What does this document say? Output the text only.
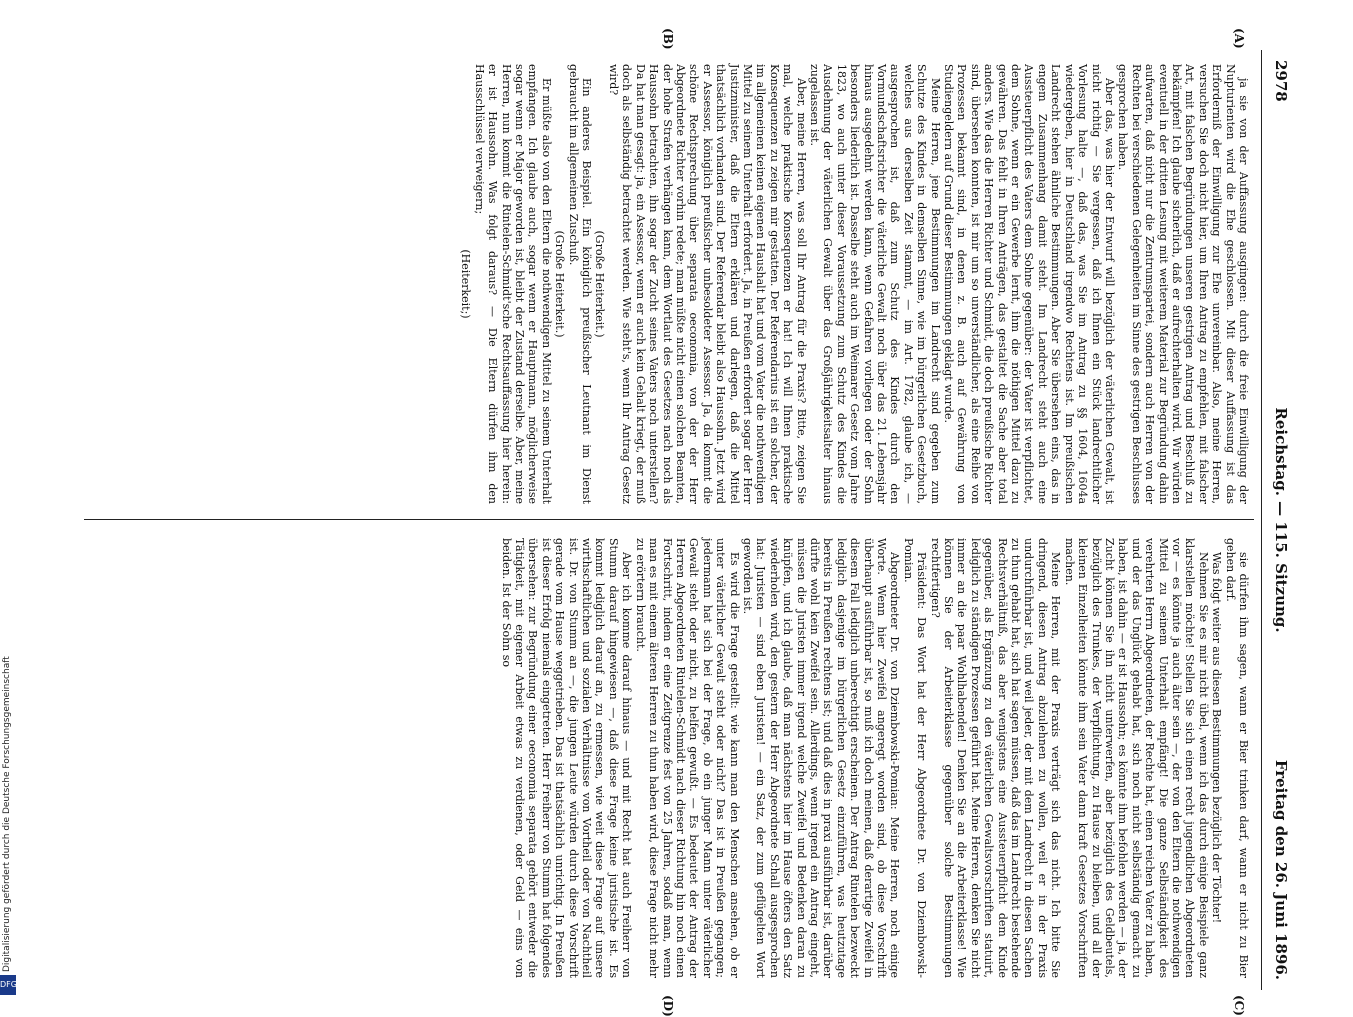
2978
Reichstag. — 115. Sitzung.
Freitag den 26. Juni 1896.
(A)
(B)
(C)
(D)

ja sie von der Auffassung ausgingen: durch die freie Einwilligung der Nupturienten wird die Ehe geschlossen. Mit dieser Auffassung ist das Erforderniß der Einwilligung zur Ehe unvereinbar. Also, meine Herren, versuchen Sie doch nicht hier, um Ihren Antrag zu empfehlen, mit falscher Art, mit falschen Begründungen unseren gestrigen Antrag und Beschluß zu bekämpfen! Ich glaube sicherlich, daß er aufrechterhalten wird. Wir würden eventuell in der dritten Lesung mit weiterem Material zur Begründung dahin aufwarten, daß nicht nur die Zentrumspartei, sondern auch Herren von der Rechten bei verschiedenen Gelegenheiten im Sinne des gestrigen Beschlusses gesprochen haben.

Aber das, was hier der Entwurf will bezüglich der väterlichen Gewalt, ist nicht richtig — Sie vergessen, daß ich Ihnen ein Stück landrechtlicher Vorlesung halte —, daß das, was Sie im Antrag zu §§ 1604, 1604a wiedergeben, hier in Deutschland irgendwo Rechtens ist. Im preußischen Landrecht stehen ähnliche Bestimmungen. Aber Sie übersehen eins, das in engem Zusammenhang damit steht. Im Landrecht steht auch eine Aussteuerpflicht des Vaters dem Sohne gegenüber: der Vater ist verpflichtet, dem Sohne, wenn er ein Gewerbe lernt, ihm die nöthigen Mittel dazu zu gewähren. Das fehlt in Ihren Anträgen, das gestaltet die Sache aber total anders. Wie das die Herren Richter und Schmidt, die doch preußische Richter sind, übersehen konnten, ist mir um so unverständlicher, als eine Reihe von Prozessen bekannt sind, in denen z. B. auch auf Gewährung von Studiengeldern auf Grund dieser Bestimmungen geklagt wurde.

Meine Herren, jene Bestimmungen im Landrecht sind gegeben zum Schutze des Kindes in demselben Sinne, wie im bürgerlichen Gesetzbuch, welches aus derselben Zeit stammt, — im Art. 1782, glaube ich, — ausgesprochen ist, daß zum Schutz des Kindes durch den Vormundschaftsrichter die väterliche Gewalt noch über das 21. Lebensjahr hinaus ausgedehnt werden kann, wenn Gefahren vorliegen oder der Sohn besonders liederlich ist. Dasselbe steht auch im Weimarer Gesetz vom Jahre 1823, wo auch unter dieser Voraussetzung zum Schutz des Kindes die Ausdehnung der väterlichen Gewalt über das Großjährigkeitsalter hinaus zugelassen ist.

Aber, meine Herren, was soll Ihr Antrag für die Praxis? Bitte, zeigen Sie mal, welche praktische Konsequenzen er hat! Ich will Ihnen praktische Konsequenzen zu zeigen mir gestatten. Der Referendarius ist ein solcher, der im allgemeinen keinen eigenen Haushalt hat und vom Vater die nothwendigen Mittel zu seinem Unterhalt erfordert. Ja, in Preußen erfordert sogar der Herr Justizminister, daß die Eltern erklären und darlegen, daß die Mittel thatsächlich vorhanden sind. Der Referendar bleibt also Haussohn. Jetzt wird er Assessor, königlich preußischer unbesoldeter Assessor. Ja, da kommt die schöne Rechtsprechung über separata oeconomia, von der der Herr Abgeordnete Richter vorhin redete; man müßte nicht einen solchen Beamten, der hohe Strafen verhängen kann, dem Wortlaut des Gesetzes nach noch als Haussohn betrachten, ihn sogar der Zucht seines Vaters noch unterstellen? Da hat man gesagt: ja, ein Assessor, wenn er auch kein Gehalt kriegt, der muß doch als selbständig betrachtet werden. Wie steht's, wenn Ihr Antrag Gesetz wird?

(Große Heiterkeit.)

Ein anderes Beispiel. Ein königlich preußischer Leutnant im Dienst gebraucht im allgemeinen Zuschuß.

(Große Heiterkeit.)

Er müßte also von den Eltern die nothwendigen Mittel zu seinem Unterhalt empfangen. Ich glaube auch, sogar wenn er Hauptmann, möglicherweise sogar wenn er Major geworden ist, bleibt der Zustand derselbe. Aber, meine Herren, nun kommt die Rintelen-Schmidt'sche Rechtsauffassung hier herein: er ist Haussohn. Was folgt daraus? — Die Eltern dürfen ihm den Hausschlüssel verweigern;

(Heiterkeit;)

sie dürfen ihm sagen, wann er Bier trinken darf, wann er nicht zu Bier gehen darf.

Was folgt weiter aus diesen Bestimmungen bezüglich der Töchter!

Nehmen Sie es mir nicht übel, wenn ich das durch einige Beispiele ganz klarstellen möchte! Stellen Sie sich einen recht jugendlichen Abgeordneten vor — es könnte ja auch älter sein —, der von den Eltern die nothwendigen Mittel zu seinem Unterhalt empfängt! Die ganze Selbständigkeit des verehrten Herrn Abgeordneten, der Rechte hat, einen reichen Vater zu haben, und der das Unglück gehabt hat, sich noch nicht selbständig gemacht zu haben, ist dahin — er ist Haussohn; es könnte ihm befohlen werden — ja, der Zucht können Sie ihn nicht unterwerfen, aber bezüglich des Geldbeutels, bezüglich des Trunkes, der Verpflichtung, zu Hause zu bleiben, und all der kleinen Einzelheiten könnte ihm sein Vater dann kraft Gesetzes Vorschriften machen.

Meine Herren, mit der Praxis verträgt sich das nicht. Ich bitte Sie dringend, diesen Antrag abzulehnen zu wollen, weil er in der Praxis undurchführbar ist, und weil jeder, der mit dem Landrecht in diesen Sachen zu thun gehabt hat, sich hat sagen müssen, daß das im Landrecht bestehende Rechtsverhältniß, das aber wenigstens eine Aussteuerpflicht dem Kinde gegenüber, als Ergänzung zu den väterlichen Gewaltsvorschriften statuirt, lediglich zu ständigen Prozessen geführt hat. Meine Herren, denken Sie nicht immer an die paar Wohlhabenden! Denken Sie an die Arbeiterklasse! Wie können Sie der Arbeiterklasse gegenüber solche Bestimmungen rechtfertigen?

Präsident: Das Wort hat der Herr Abgeordnete Dr. von Dziembowski-Pomian.

Abgeordneter Dr. von Dziembowski-Pomian: Meine Herren, noch einige Worte. Wenn hier Zweifel angeregt worden sind, ob diese Vorschrift überhaupt ausführbar ist, so muß ich doch meinen, daß derartige Zweifel in diesem Fall lediglich unberechtigt erscheinen. Der Antrag Rintelen bezweckt lediglich dasjenige im bürgerlichen Gesetz einzuführen, was heutzutage bereits in Preußen rechtens ist; und daß dies in praxi ausführbar ist, darüber dürfte wohl kein Zweifel sein. Allerdings, wenn irgend ein Antrag eingeht, müssen die Juristen immer irgend welche Zweifel und Bedenken daran zu knüpfen, und ich glaube, daß man nächstens hier im Hause öfters den Satz wiederholen wird, den gestern der Herr Abgeordnete Schall ausgesprochen hat: Juristen — sind eben Juristen! — ein Satz, der zum geflügelten Wort geworden ist.

Es wird die Frage gestellt: wie kann man den Menschen ansehen, ob er unter väterlicher Gewalt steht oder nicht? Das ist in Preußen gegangen; jedermann hat sich bei der Frage, ob ein junger Mann unter väterlicher Gewalt steht oder nicht, zu helfen gewußt. — Es bedeutet der Antrag der Herren Abgeordneten Rintelen-Schmidt nach dieser Richtung hin noch einen Fortschritt, indem er eine Zeitgrenze fest von 25 Jahren, sodaß man, wenn man es mit einem älteren Herren zu thun haben wird, diese Frage nicht mehr zu erörtern braucht.

Aber ich komme darauf hinaus — und mit Recht hat auch Freiherr von Stumm darauf hingewiesen —, daß diese Frage keine juristische ist. Es kommt lediglich darauf an, zu ermessen, wie weit diese Frage auf unsere wirthschaftlichen und sozialen Verhältnisse von Vortheil oder von Nachtheil ist. Dr. von Stumm an —, die jungen Leute würden durch diese Vorschrift gerade vom Hause weggetrieben. Das ist thatsächlich unrichtig. In Preußen ist dieser Erfolg niemals eingetreten. Herr Freiherr von Stumm hat folgendes übersehen: zur Begründung einer oeconomia separata gehört entweder die Tätigkeit, mit eigener Arbeit etwas zu verdienen, oder Geld — eins von beiden. Ist der Sohn so

Digitalisierung gefördert durch die Deutsche Forschungsgemeinschaft
DFG
